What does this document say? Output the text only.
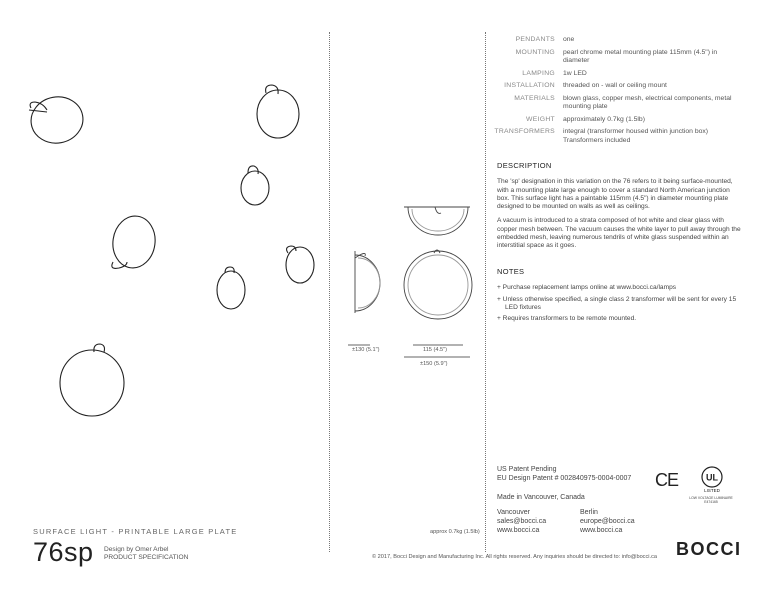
±130 (5.1")	115 (4.5")
±150 (5.9")
PENDANTS	one
MOUNTING	pearl chrome metal mounting plate 115mm (4.5") in diameter
LAMPING	1w LED
INSTALLATION	threaded on - wall or ceiling mount
MATERIALS	blown glass, copper mesh, electrical components, metal mounting plate
WEIGHT	approximately 0.7kg (1.5lb)
TRANSFORMERS	integral (transformer housed within junction box) Transformers included
DESCRIPTION

The 'sp' designation in this variation on the 76 refers to it being surface-mounted, with a mounting plate large enough to cover a standard North American junction box. This surface light has a paintable 115mm (4.5") in diameter mounting plate designed to be mounted on walls as well as ceilings.

A vacuum is introduced to a strata composed of hot white and clear glass with copper mesh between. The vacuum causes the white layer to pull away through the embedded mesh, leaving numerous tendrils of white glass suspended within an interstitial space as it goes.

NOTES
+ Purchase replacement lamps online at www.bocci.ca/lamps
+ Unless otherwise specified, a single class 2 transformer will be sent for every 15 LED fixtures
+ Requires transformers to be remote mounted.
US Patent Pending
EU Design Patent # 002840975-0004-0007
Made in Vancouver, Canada
Vancouver
sales@bocci.ca
www.bocci.ca
Berlin
europe@bocci.ca
www.bocci.ca
CE	UL
LISTED
LOW VOLTAGE LUMINAIRE E474165
SURFACE LIGHT - PRINTABLE LARGE PLATE
76sp Design by Omer Arbel
PRODUCT SPECIFICATION
approx 0.7kg (1.5lb)
© 2017, Bocci Design and Manufacturing Inc. All rights reserved. Any inquiries should be directed to: info@bocci.ca BOCCI
